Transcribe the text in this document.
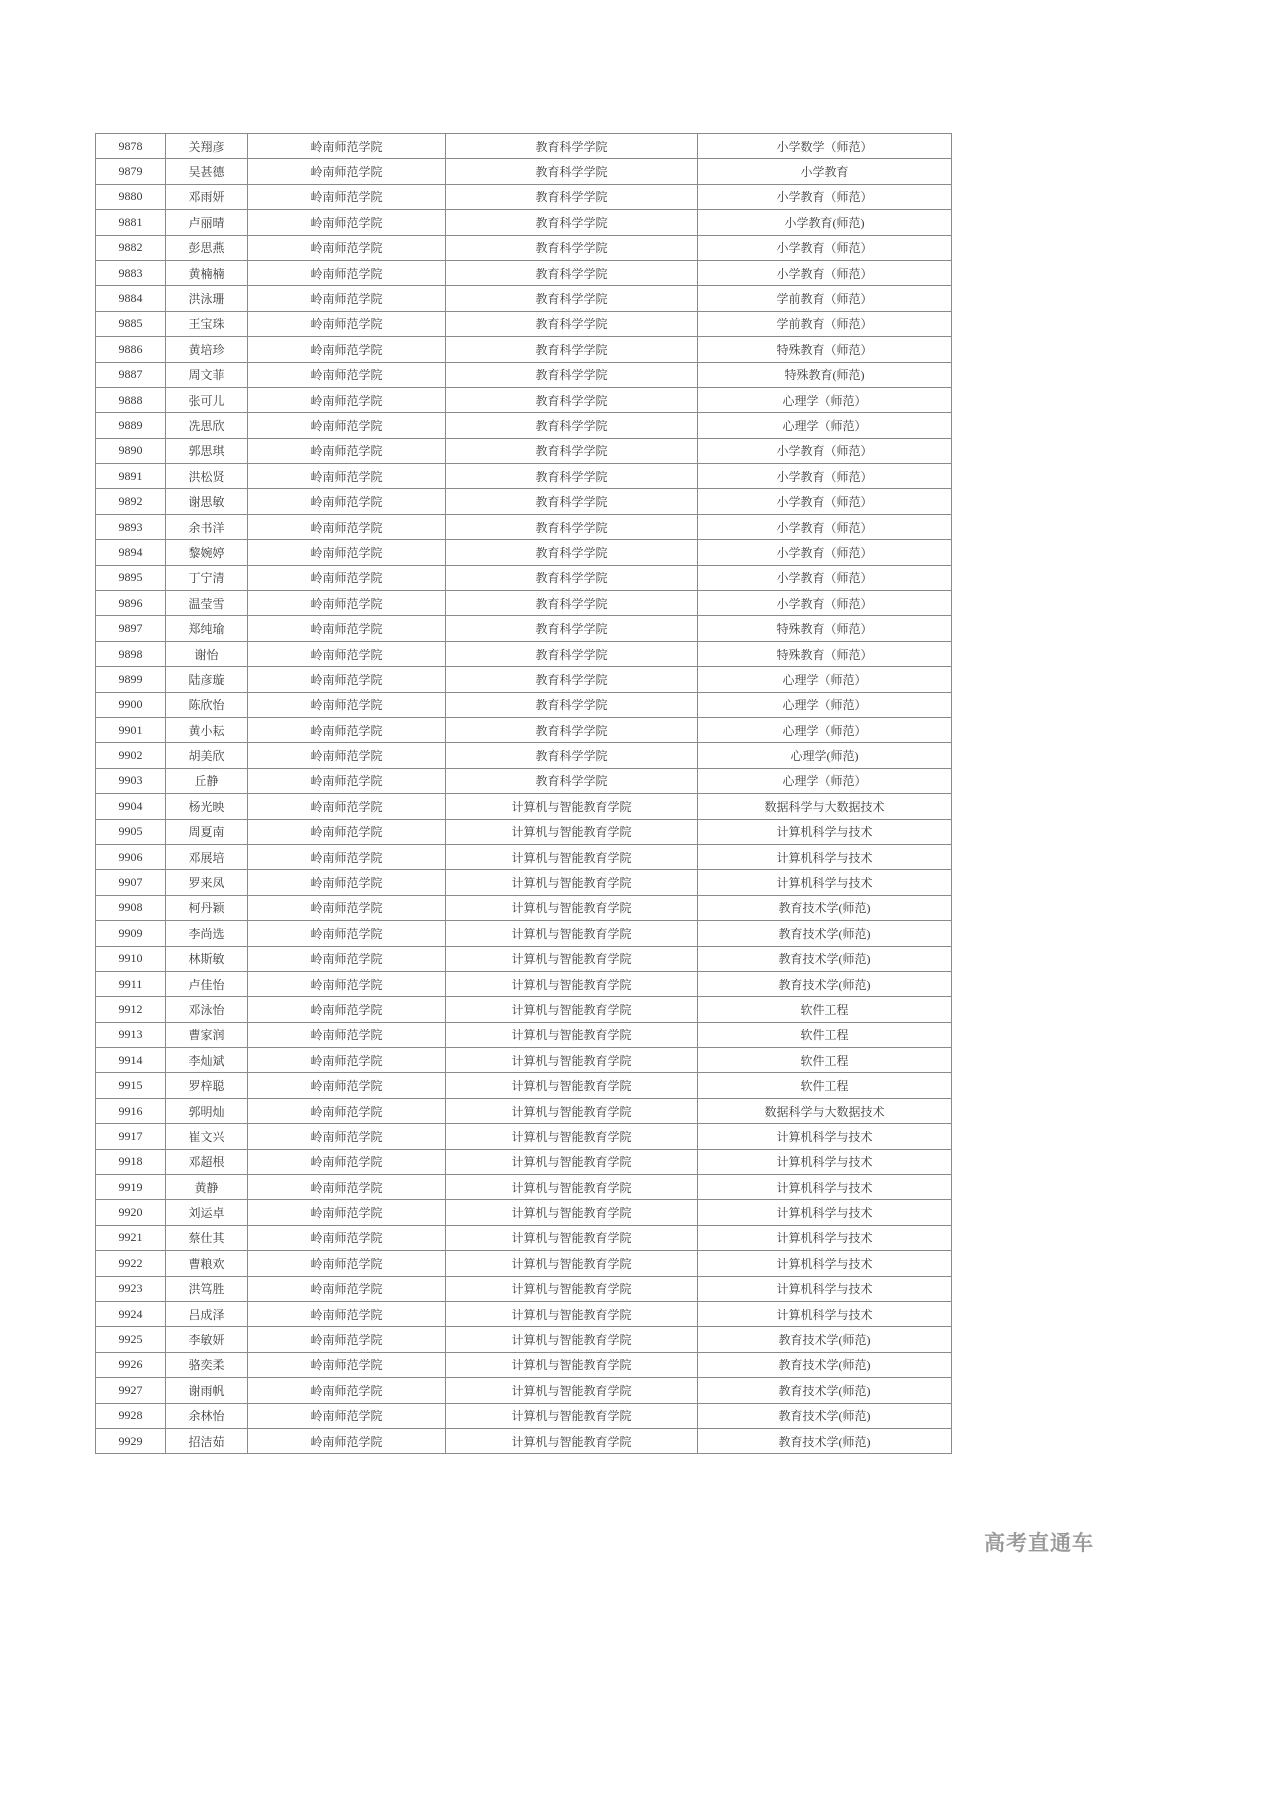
9878	关翔彦	岭南师范学院	教育科学学院	小学数学（师范）
9879	吴甚德	岭南师范学院	教育科学学院	小学教育
9880	邓雨妍	岭南师范学院	教育科学学院	小学教育（师范）
9881	卢丽晴	岭南师范学院	教育科学学院	小学教育(师范)
9882	彭思燕	岭南师范学院	教育科学学院	小学教育（师范）
9883	黄楠楠	岭南师范学院	教育科学学院	小学教育（师范）
9884	洪泳珊	岭南师范学院	教育科学学院	学前教育（师范）
9885	王宝珠	岭南师范学院	教育科学学院	学前教育（师范）
9886	黄培珍	岭南师范学院	教育科学学院	特殊教育（师范）
9887	周文菲	岭南师范学院	教育科学学院	特殊教育(师范)
9888	张可儿	岭南师范学院	教育科学学院	心理学（师范）
9889	冼思欣	岭南师范学院	教育科学学院	心理学（师范）
9890	郭思琪	岭南师范学院	教育科学学院	小学教育（师范）
9891	洪松贤	岭南师范学院	教育科学学院	小学教育（师范）
9892	谢思敏	岭南师范学院	教育科学学院	小学教育（师范）
9893	余书洋	岭南师范学院	教育科学学院	小学教育（师范）
9894	黎婉婷	岭南师范学院	教育科学学院	小学教育（师范）
9895	丁宁清	岭南师范学院	教育科学学院	小学教育（师范）
9896	温莹雪	岭南师范学院	教育科学学院	小学教育（师范）
9897	郑纯瑜	岭南师范学院	教育科学学院	特殊教育（师范）
9898	谢怡	岭南师范学院	教育科学学院	特殊教育（师范）
9899	陆彦璇	岭南师范学院	教育科学学院	心理学（师范）
9900	陈欣怡	岭南师范学院	教育科学学院	心理学（师范）
9901	黄小耘	岭南师范学院	教育科学学院	心理学（师范）
9902	胡美欣	岭南师范学院	教育科学学院	心理学(师范)
9903	丘静	岭南师范学院	教育科学学院	心理学（师范）
9904	杨光映	岭南师范学院	计算机与智能教育学院	数据科学与大数据技术
9905	周夏南	岭南师范学院	计算机与智能教育学院	计算机科学与技术
9906	邓展培	岭南师范学院	计算机与智能教育学院	计算机科学与技术
9907	罗来凤	岭南师范学院	计算机与智能教育学院	计算机科学与技术
9908	柯丹颖	岭南师范学院	计算机与智能教育学院	教育技术学(师范)
9909	李尚选	岭南师范学院	计算机与智能教育学院	教育技术学(师范)
9910	林斯敏	岭南师范学院	计算机与智能教育学院	教育技术学(师范)
9911	卢佳怡	岭南师范学院	计算机与智能教育学院	教育技术学(师范)
9912	邓泳怡	岭南师范学院	计算机与智能教育学院	软件工程
9913	曹家润	岭南师范学院	计算机与智能教育学院	软件工程
9914	李灿斌	岭南师范学院	计算机与智能教育学院	软件工程
9915	罗梓聪	岭南师范学院	计算机与智能教育学院	软件工程
9916	郭明灿	岭南师范学院	计算机与智能教育学院	数据科学与大数据技术
9917	崔文兴	岭南师范学院	计算机与智能教育学院	计算机科学与技术
9918	邓超根	岭南师范学院	计算机与智能教育学院	计算机科学与技术
9919	黄静	岭南师范学院	计算机与智能教育学院	计算机科学与技术
9920	刘运卓	岭南师范学院	计算机与智能教育学院	计算机科学与技术
9921	蔡仕其	岭南师范学院	计算机与智能教育学院	计算机科学与技术
9922	曹粮欢	岭南师范学院	计算机与智能教育学院	计算机科学与技术
9923	洪笃胜	岭南师范学院	计算机与智能教育学院	计算机科学与技术
9924	吕成泽	岭南师范学院	计算机与智能教育学院	计算机科学与技术
9925	李敏妍	岭南师范学院	计算机与智能教育学院	教育技术学(师范)
9926	骆奕柔	岭南师范学院	计算机与智能教育学院	教育技术学(师范)
9927	谢雨帆	岭南师范学院	计算机与智能教育学院	教育技术学(师范)
9928	余林怡	岭南师范学院	计算机与智能教育学院	教育技术学(师范)
9929	招洁茹	岭南师范学院	计算机与智能教育学院	教育技术学(师范)
高考直通车
